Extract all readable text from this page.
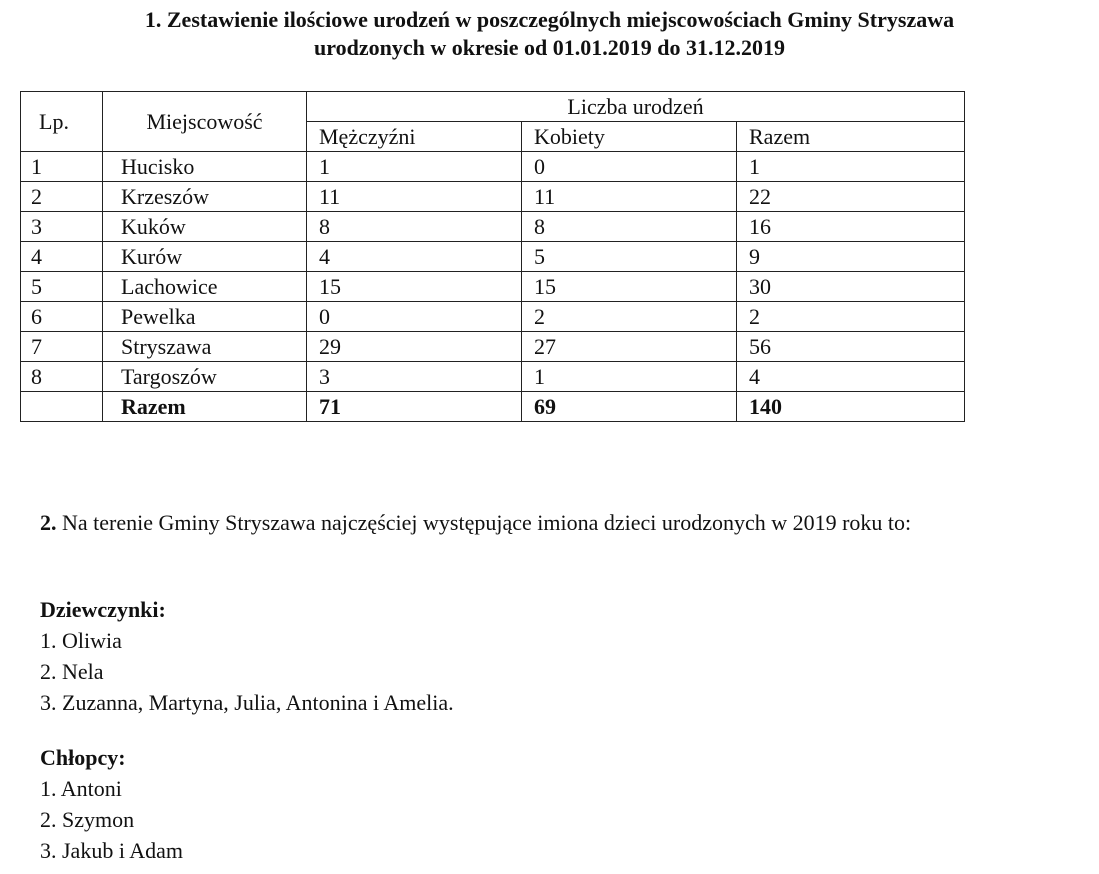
1. Zestawienie ilościowe urodzeń w poszczególnych miejscowościach Gminy Stryszawa
urodzonych w okresie od 01.01.2019 do 31.12.2019
Lp.	Miejscowość	Liczba urodzeń		
		Mężczyźni	Kobiety	Razem
1	Hucisko	1	0	1
2	Krzeszów	11	11	22
3	Kuków	8	8	16
4	Kurów	4	5	9
5	Lachowice	15	15	30
6	Pewelka	0	2	2
7	Stryszawa	29	27	56
8	Targoszów	3	1	4
	Razem	71	69	140
2. Na terenie Gminy Stryszawa najczęściej występujące imiona dzieci urodzonych w 2019 roku to:
Dziewczynki:
1. Oliwia
2. Nela
3. Zuzanna, Martyna, Julia, Antonina i Amelia.
Chłopcy:
1. Antoni
2. Szymon
3. Jakub i Adam
